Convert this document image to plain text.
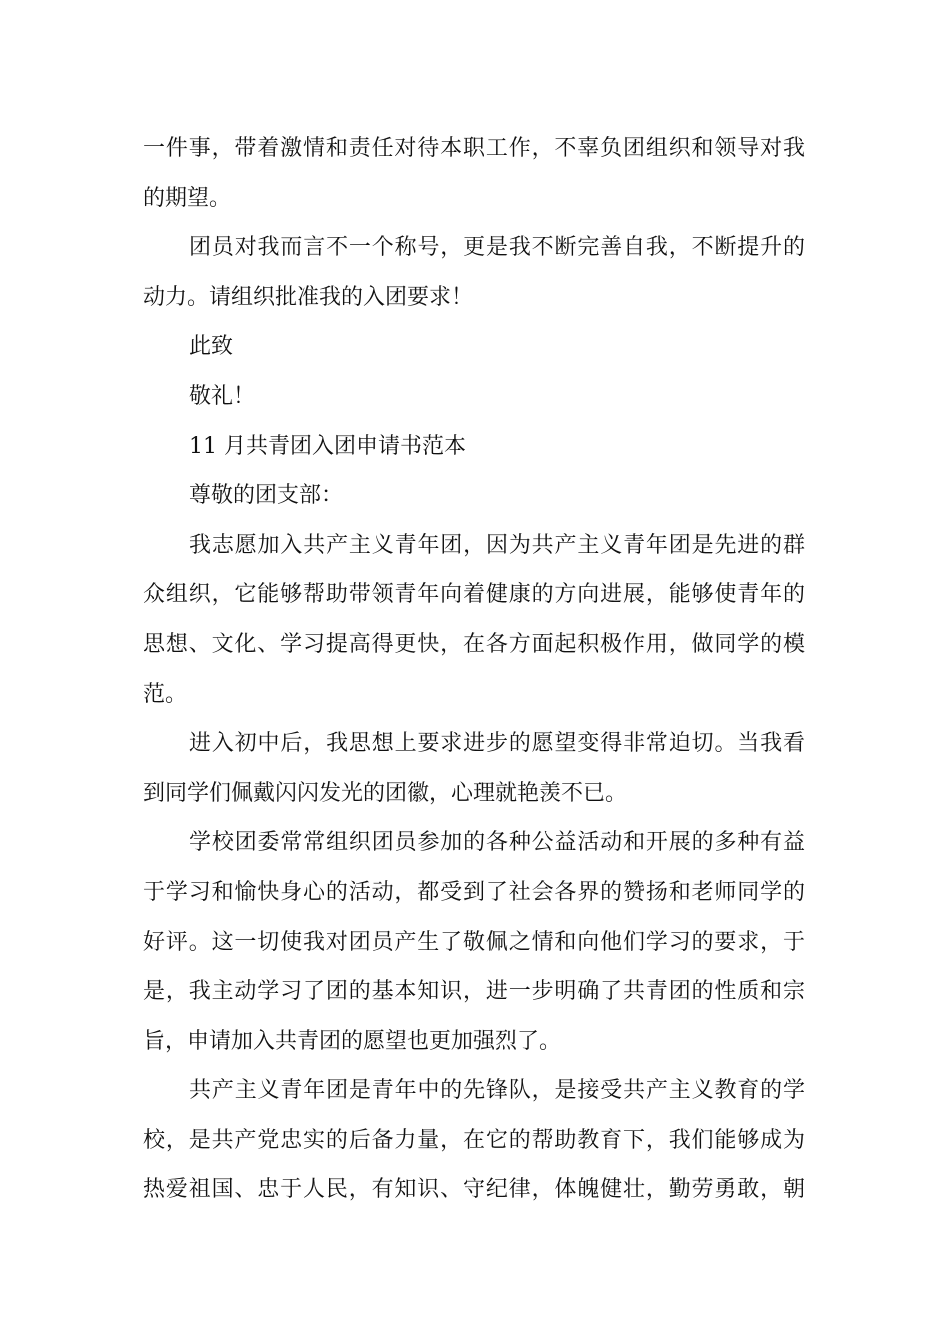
一件事，带着激情和责任对待本职工作，不辜负团组织和领导对我
的期望。
团员对我而言不一个称号，更是我不断完善自我，不断提升的
动力。请组织批准我的入团要求！
此致
敬礼！
11 月共青团入团申请书范本
尊敬的团支部：
我志愿加入共产主义青年团，因为共产主义青年团是先进的群
众组织，它能够帮助带领青年向着健康的方向进展，能够使青年的
思想、文化、学习提高得更快，在各方面起积极作用，做同学的模
范。
进入初中后，我思想上要求进步的愿望变得非常迫切。当我看
到同学们佩戴闪闪发光的团徽，心理就艳羡不已。
学校团委常常组织团员参加的各种公益活动和开展的多种有益
于学习和愉快身心的活动，都受到了社会各界的赞扬和老师同学的
好评。这一切使我对团员产生了敬佩之情和向他们学习的要求，于
是，我主动学习了团的基本知识，进一步明确了共青团的性质和宗
旨，申请加入共青团的愿望也更加强烈了。
共产主义青年团是青年中的先锋队，是接受共产主义教育的学
校，是共产党忠实的后备力量，在它的帮助教育下，我们能够成为
热爱祖国、忠于人民，有知识、守纪律，体魄健壮，勤劳勇敢，朝
